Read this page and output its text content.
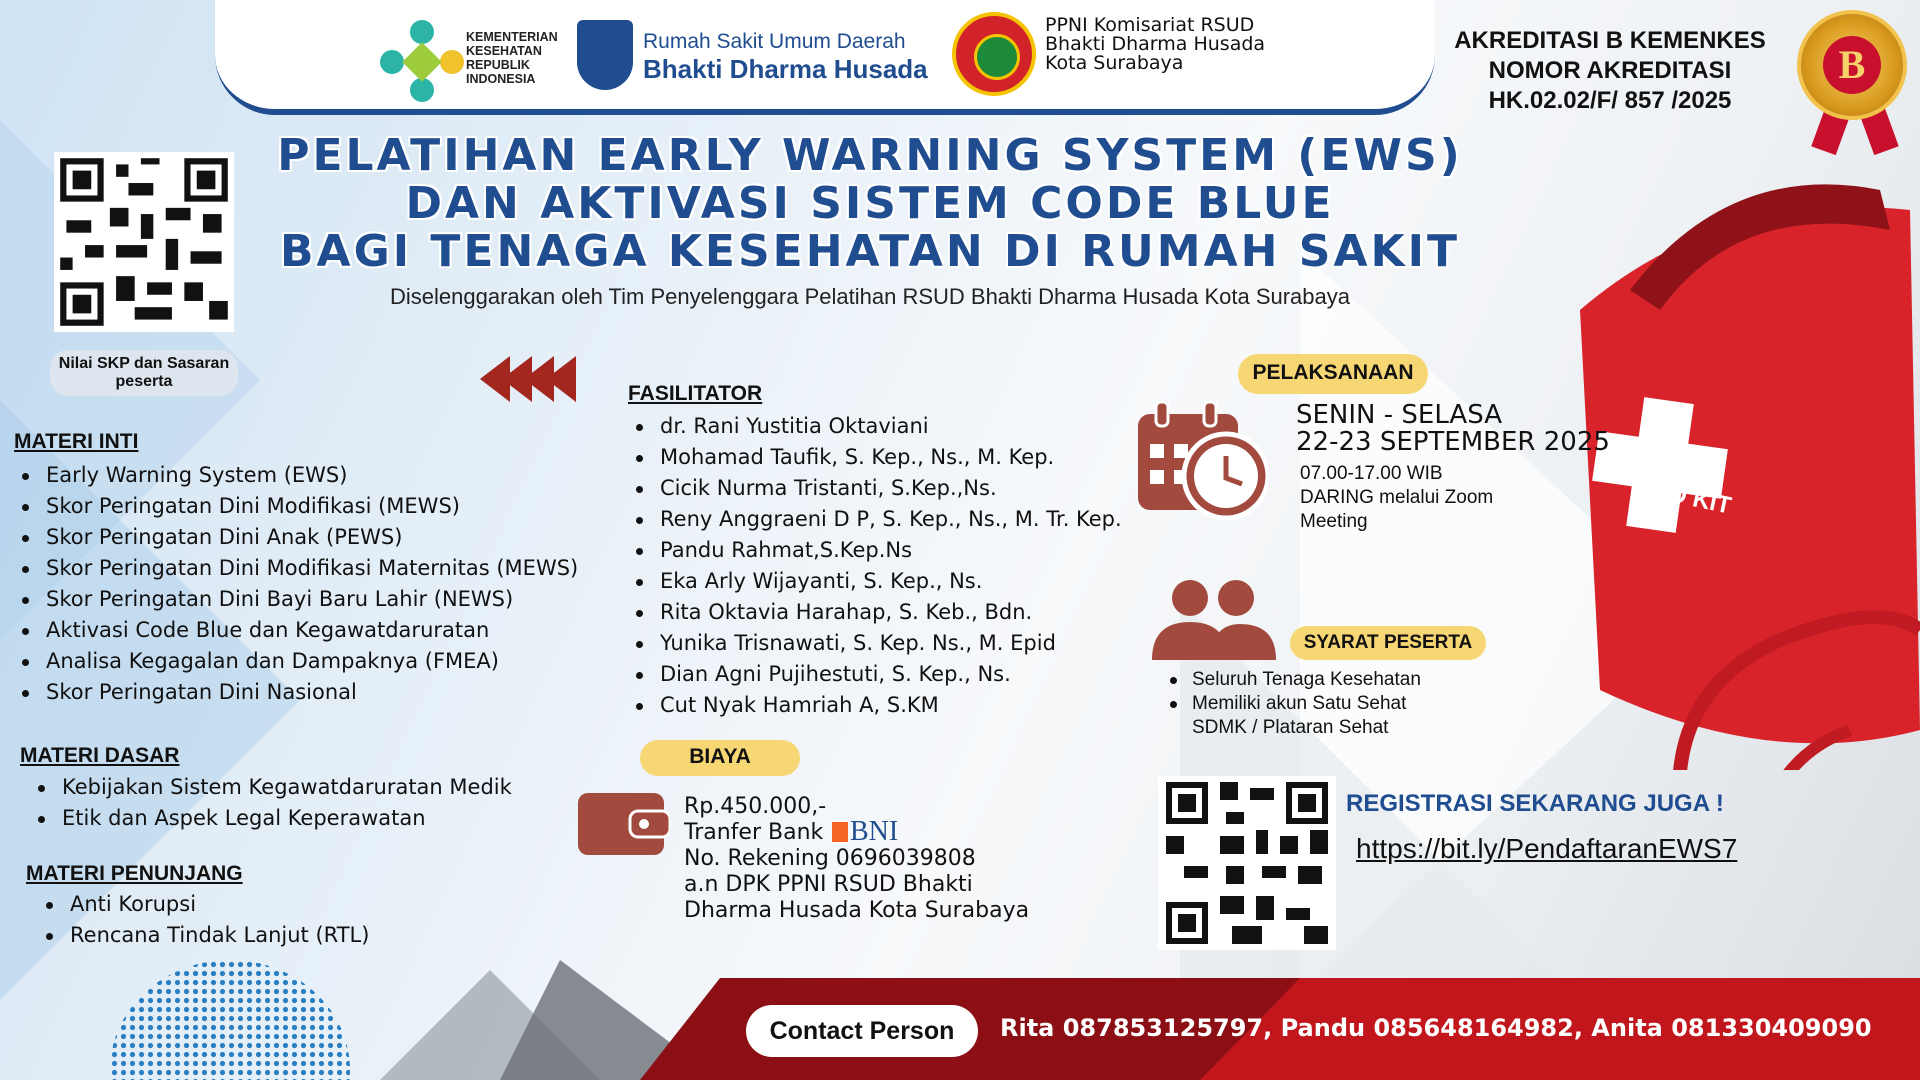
AID KIT
KEMENTERIAN KESEHATAN REPUBLIK INDONESIA
Rumah Sakit Umum Daerah
Bhakti Dharma Husada
PPNI Komisariat RSUD Bhakti Dharma Husada Kota Surabaya
AKREDITASI B KEMENKES
NOMOR AKREDITASI
HK.02.02/F/ 857 /2025
B
PELATIHAN EARLY WARNING SYSTEM (EWS)
DAN AKTIVASI SISTEM CODE BLUE
BAGI TENAGA KESEHATAN DI RUMAH SAKIT
Diselenggarakan oleh Tim Penyelenggara Pelatihan RSUD Bhakti Dharma Husada Kota Surabaya
Nilai SKP dan Sasaran peserta
MATERI INTI
Early Warning System (EWS)
Skor Peringatan Dini Modifikasi (MEWS)
Skor Peringatan Dini Anak (PEWS)
Skor Peringatan Dini Modifikasi Maternitas (MEWS)
Skor Peringatan Dini Bayi Baru Lahir (NEWS)
Aktivasi Code Blue dan Kegawatdaruratan
Analisa Kegagalan dan Dampaknya (FMEA)
Skor Peringatan Dini Nasional
MATERI DASAR
Kebijakan Sistem Kegawatdaruratan Medik
Etik dan Aspek Legal Keperawatan
MATERI PENUNJANG
Anti Korupsi
Rencana Tindak Lanjut (RTL)
FASILITATOR
dr. Rani Yustitia Oktaviani
Mohamad Taufik, S. Kep., Ns., M. Kep.
Cicik Nurma Tristanti, S.Kep.,Ns.
Reny Anggraeni D P, S. Kep., Ns., M. Tr. Kep.
Pandu Rahmat,S.Kep.Ns
Eka Arly Wijayanti, S. Kep., Ns.
Rita Oktavia Harahap, S. Keb., Bdn.
Yunika Trisnawati, S. Kep. Ns., M. Epid
Dian Agni Pujihestuti, S. Kep., Ns.
Cut Nyak Hamriah A, S.KM
BIAYA
Rp.450.000,-
Tranfer Bank
No. Rekening 0696039808
a.n DPK PPNI RSUD Bhakti Dharma Husada Kota Surabaya
BNI
PELAKSANAAN
SENIN - SELASA
22-23 SEPTEMBER 2025
07.00-17.00 WIB
DARING melalui Zoom Meeting
SYARAT PESERTA
Seluruh Tenaga Kesehatan
Memiliki akun Satu Sehat SDMK / Plataran Sehat
REGISTRASI SEKARANG JUGA !
https://bit.ly/PendaftaranEWS7
Contact Person	Rita 087853125797, Pandu 085648164982, Anita 081330409090
